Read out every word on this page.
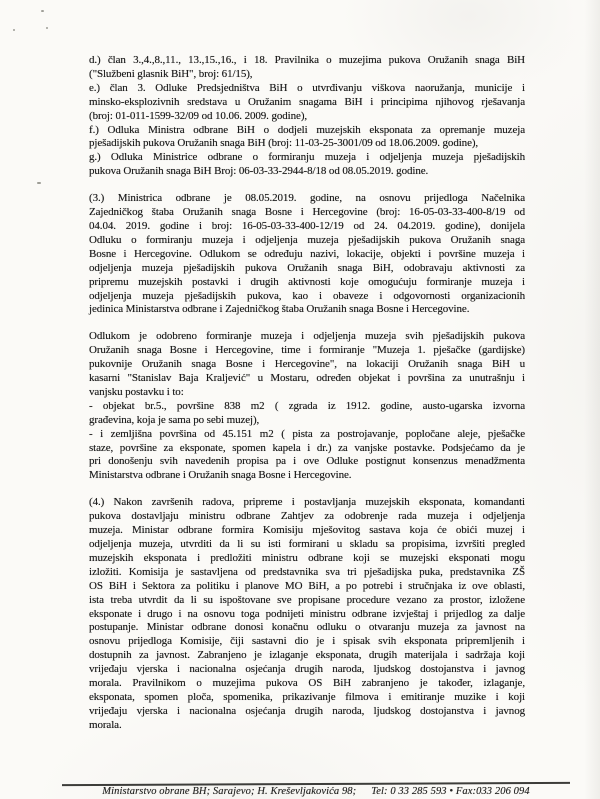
d.) član 3.,4.,8.,11., 13.,15.,16., i 18. Pravilnika o muzejima pukova Oružanih snaga BiH
("Službeni glasnik BiH", broj: 61/15),
e.) član 3. Odluke Predsjedništva BiH o utvrđivanju viškova naoružanja, municije i
minsko-eksplozivnih sredstava u Oružanim snagama BiH i principima njihovog rješavanja
(broj: 01-011-1599-32/09 od 10.06. 2009. godine),
f.) Odluka Ministra odbrane BiH o dodjeli muzejskih eksponata za opremanje muzeja
pješadijskih pukova Oružanih snaga BiH (broj: 11-03-25-3001/09 od 18.06.2009. godine),
g.) Odluka Ministrice odbrane o formiranju muzeja i odjeljenja muzeja pješadijskih
pukova Oružanih snaga BiH Broj: 06-03-33-2944-8/18 od 08.05.2019. godine.
(3.) Ministrica odbrane je 08.05.2019. godine, na osnovu prijedloga Načelnika
Zajedničkog štaba Oružanih snaga Bosne i Hercegovine (broj: 16-05-03-33-400-8/19 od
04.04. 2019. godine i broj: 16-05-03-33-400-12/19 od 24. 04.2019. godine), donijela
Odluku o formiranju muzeja i odjeljenja muzeja pješadijskih pukova Oružanih snaga
Bosne i Hercegovine. Odlukom se određuju nazivi, lokacije, objekti i površine muzeja i
odjeljenja muzeja pješadijskih pukova Oružanih snaga BiH, odobravaju aktivnosti za
pripremu muzejskih postavki i drugih aktivnosti koje omogućuju formiranje muzeja i
odjeljenja muzeja pješadijskih pukova, kao i obaveze i odgovornosti organizacionih
jedinica Ministarstva odbrane i Zajedničkog štaba Oružanih snaga Bosne i Hercegovine.
Odlukom je odobreno formiranje muzeja i odjeljenja muzeja svih pješadijskih pukova
Oružanih snaga Bosne i Hercegovine, time i formiranje "Muzeja 1. pješačke (gardijske)
pukovnije Oružanih snaga Bosne i Hercegovine", na lokaciji Oružanih snaga BiH u
kasarni "Stanislav Baja Kraljević" u Mostaru, određen objekat i površina za unutrašnju i
vanjsku postavku i to:
- objekat br.5., površine 838 m2 ( zgrada iz 1912. godine, austo-ugarska izvorna
građevina, koja je sama po sebi muzej),
- i zemljišna površina od 45.151 m2 ( pista za postrojavanje, popločane aleje, pješačke
staze, površine za eksponate, spomen kapela i dr.) za vanjske postavke. Podsjećamo da je
pri donošenju svih navedenih propisa pa i ove Odluke postignut konsenzus menadžmenta
Ministarstva odbrane i Oružanih snaga Bosne i Hercegovine.
(4.) Nakon završenih radova, pripreme i postavljanja muzejskih eksponata, komandanti
pukova dostavljaju ministru odbrane Zahtjev za odobrenje rada muzeja i odjeljenja
muzeja. Ministar odbrane formira Komisiju mješovitog sastava koja će obići muzej i
odjeljenja muzeja, utvrditi da li su isti formirani u skladu sa propisima, izvršiti pregled
muzejskih eksponata i predložiti ministru odbrane koji se muzejski eksponati mogu
izložiti. Komisija je sastavljena od predstavnika sva tri pješadijska puka, predstavnika ZŠ
OS BiH i Sektora za politiku i planove MO BiH, a po potrebi i stručnjaka iz ove oblasti,
ista treba utvrdit da li su ispoštovane sve propisane procedure vezano za prostor, izložene
eksponate i drugo i na osnovu toga podnijeti ministru odbrane izvještaj i prijedlog za dalje
postupanje. Ministar odbrane donosi konačnu odluku o otvaranju muzeja za javnost na
osnovu prijedloga Komisije, čiji sastavni dio je i spisak svih eksponata pripremljenih i
dostupnih za javnost. Zabranjeno je izlaganje eksponata, drugih materijala i sadržaja koji
vrijeđaju vjerska i nacionalna osjećanja drugih naroda, ljudskog dostojanstva i javnog
morala. Pravilnikom o muzejima pukova OS BiH zabranjeno je također, izlaganje,
eksponata, spomen ploča, spomenika, prikazivanje filmova i emitiranje muzike i koji
vrijeđaju vjerska i nacionalna osjećanja drugih naroda, ljudskog dostojanstva i javnog
morala.
Ministarstvo obrane BH; Sarajevo; H. Kreševljakovića 98; Tel: 0 33 285 593 • Fax:033 206 094
